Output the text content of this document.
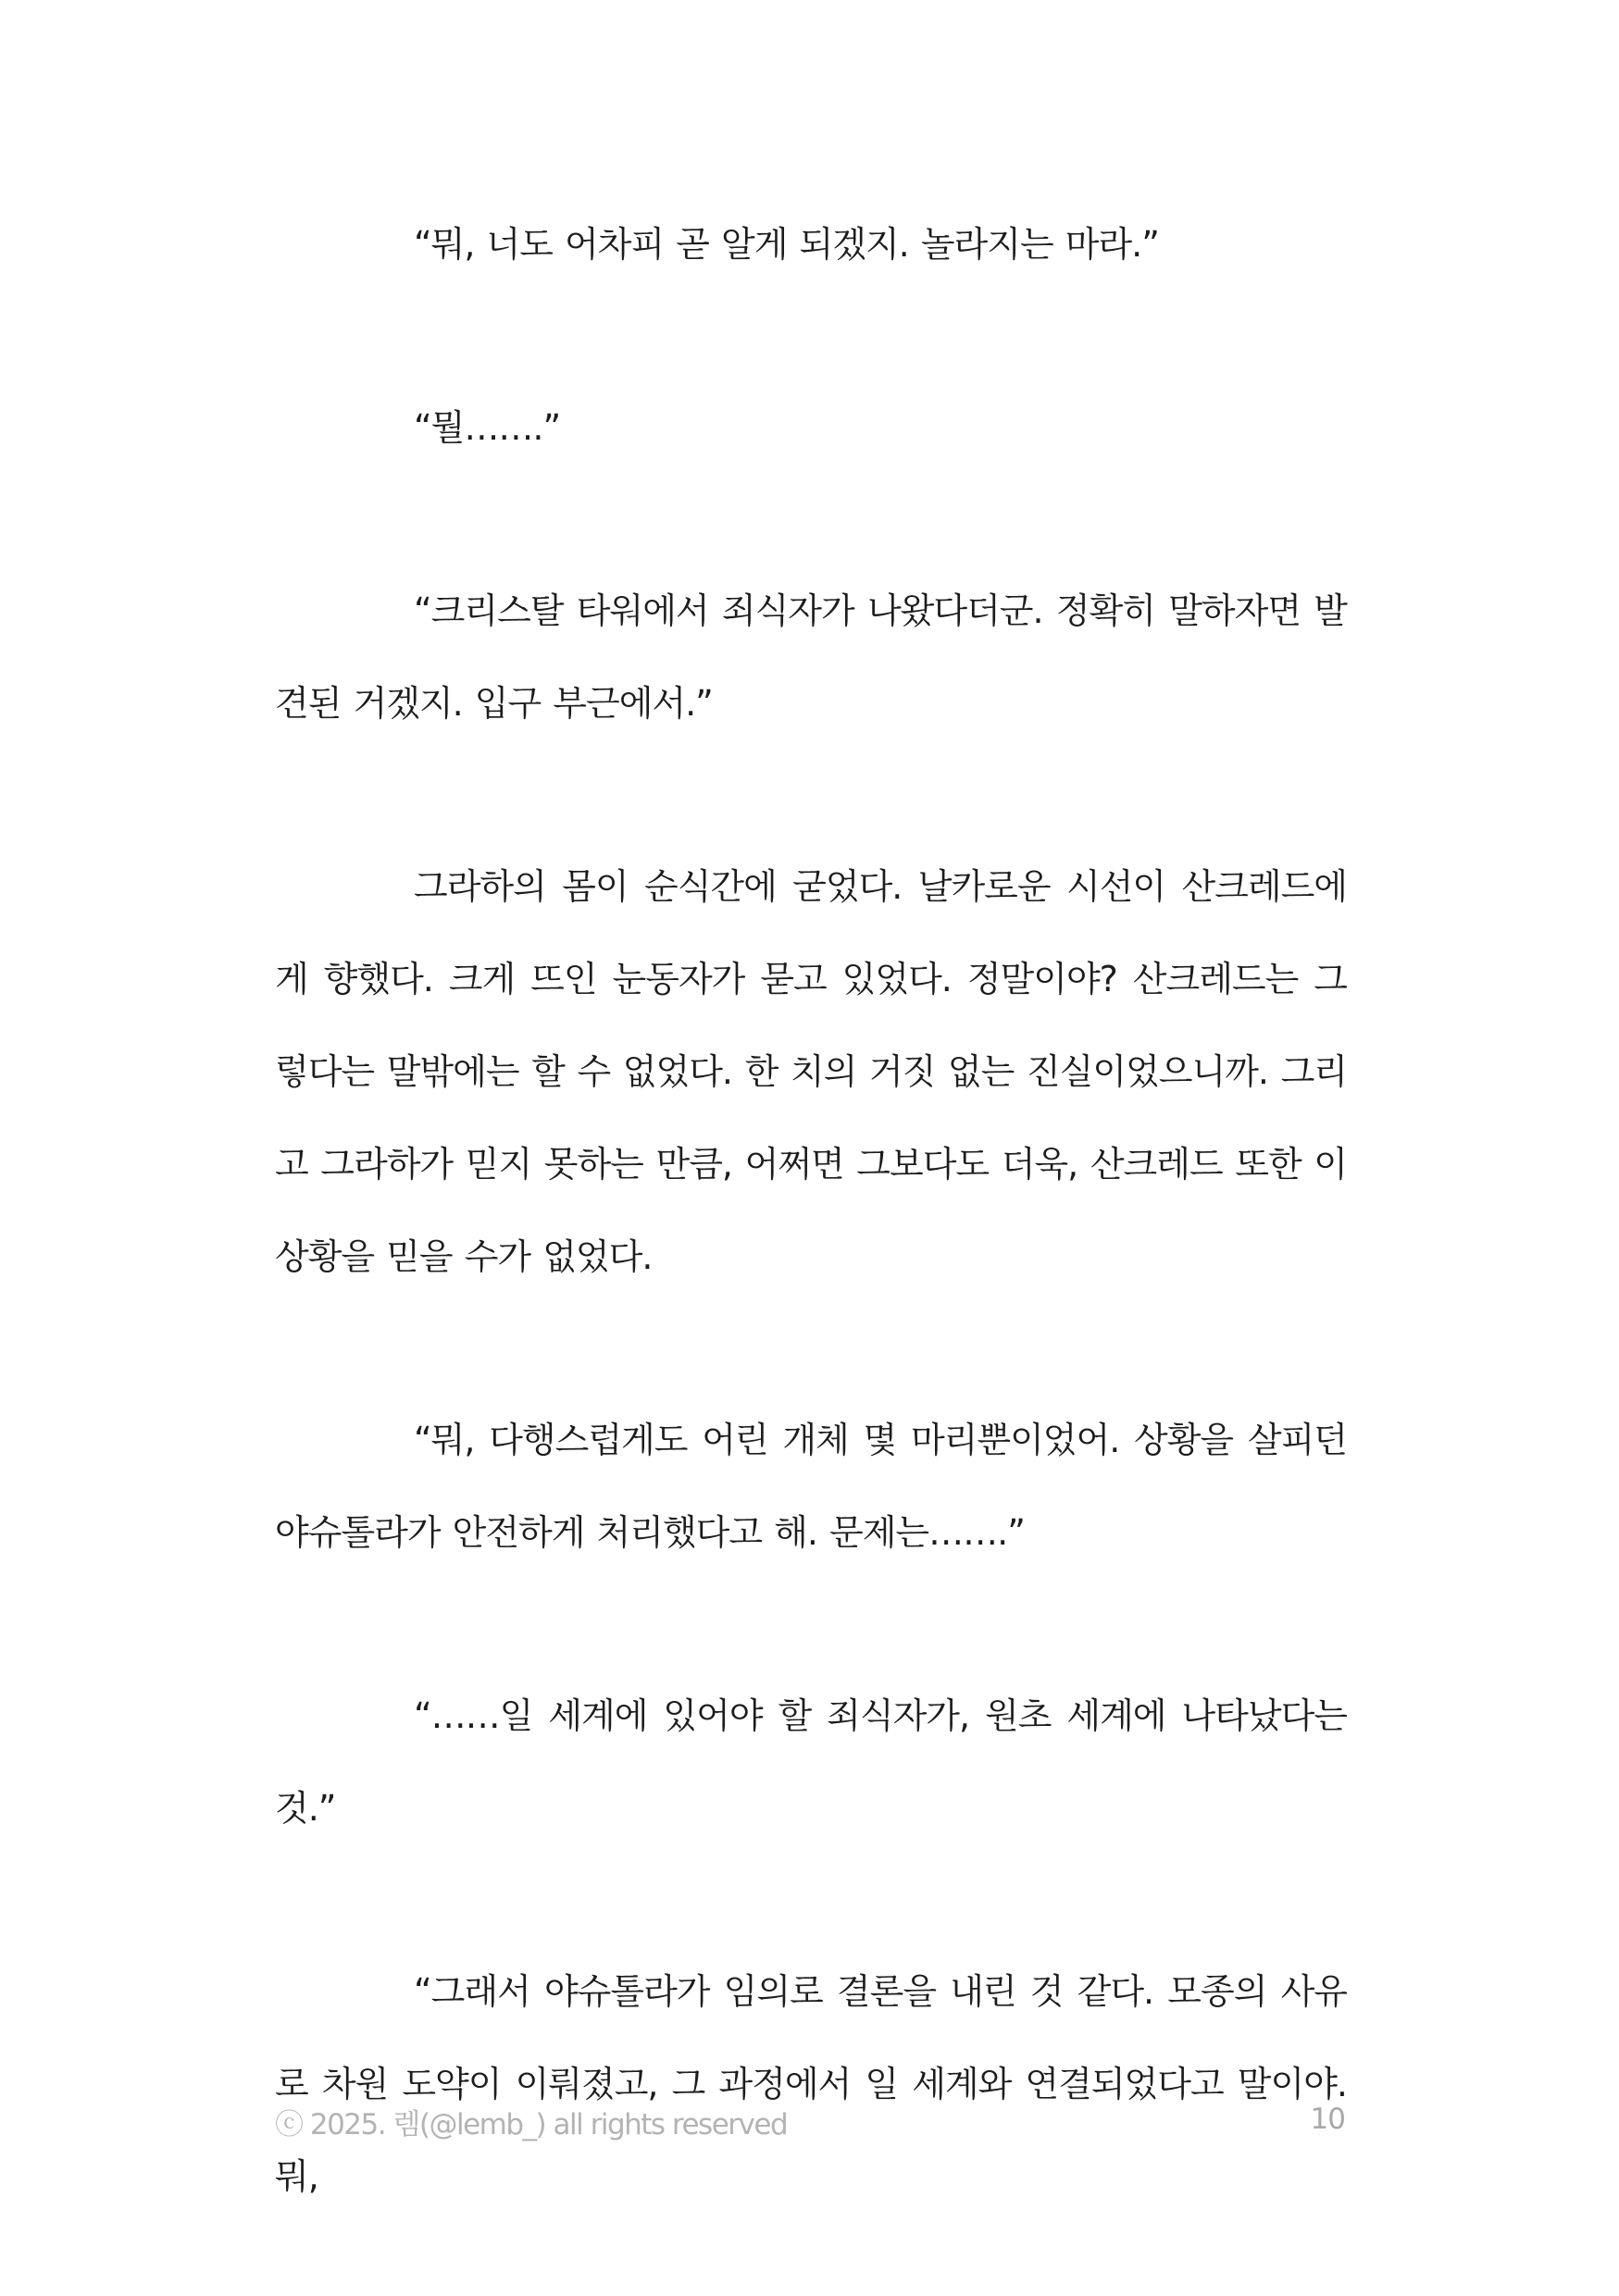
“뭐, 너도 어차피 곧 알게 되겠지. 놀라지는 마라.”

“뭘…….”

“크리스탈 타워에서 죄식자가 나왔다더군. 정확히 말하자면 발견된 거겠지. 입구 부근에서.”

그라하의 몸이 순식간에 굳었다. 날카로운 시선이 산크레드에게 향했다. 크게 뜨인 눈동자가 묻고 있었다. 정말이야? 산크레드는 그렇다는 말밖에는 할 수 없었다. 한 치의 거짓 없는 진실이었으니까. 그리고 그라하가 믿지 못하는 만큼, 어쩌면 그보다도 더욱, 산크레드 또한 이 상황을 믿을 수가 없었다.

“뭐, 다행스럽게도 어린 개체 몇 마리뿐이었어. 상황을 살피던 야슈톨라가 안전하게 처리했다고 해. 문제는…….”

“……일 세계에 있어야 할 죄식자가, 원초 세계에 나타났다는 것.”

“그래서 야슈톨라가 임의로 결론을 내린 것 같다. 모종의 사유로 차원 도약이 이뤄졌고, 그 과정에서 일 세계와 연결되었다고 말이야. 뭐,

ⓒ 2025. 렘(@lemb_) all rights reserved	10
